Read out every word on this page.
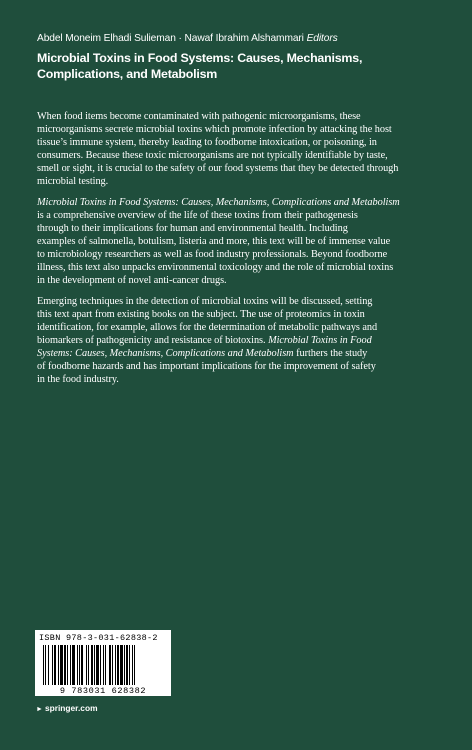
Abdel Moneim Elhadi Sulieman · Nawaf Ibrahim Alshammari Editors
Microbial Toxins in Food Systems: Causes, Mechanisms,
Complications, and Metabolism

When food items become contaminated with pathogenic microorganisms, these
microorganisms secrete microbial toxins which promote infection by attacking the host
tissue’s immune system, thereby leading to foodborne intoxication, or poisoning, in
consumers. Because these toxic microorganisms are not typically identifiable by taste,
smell or sight, it is crucial to the safety of our food systems that they be detected through
microbial testing.

Microbial Toxins in Food Systems: Causes, Mechanisms, Complications and Metabolism
is a comprehensive overview of the life of these toxins from their pathogenesis
through to their implications for human and environmental health. Including
examples of salmonella, botulism, listeria and more, this text will be of immense value
to microbiology researchers as well as food industry professionals. Beyond foodborne
illness, this text also unpacks environmental toxicology and the role of microbial toxins
in the development of novel anti-cancer drugs.

Emerging techniques in the detection of microbial toxins will be discussed, setting
this text apart from existing books on the subject. The use of proteomics in toxin
identification, for example, allows for the determination of metabolic pathways and
biomarkers of pathogenicity and resistance of biotoxins. Microbial Toxins in Food
Systems: Causes, Mechanisms, Complications and Metabolism furthers the study
of foodborne hazards and has important implications for the improvement of safety
in the food industry.

ISBN 978-3-031-62838-2
9 783031 628382
► springer.com
